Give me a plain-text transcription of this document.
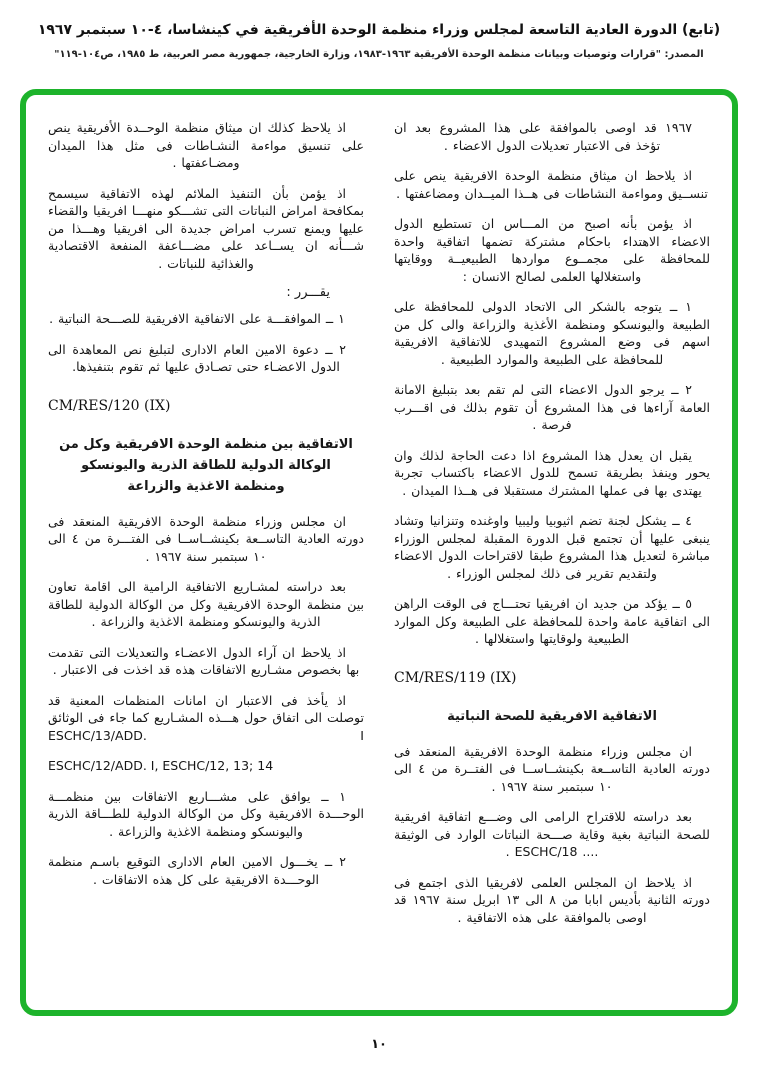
(تابع) الدورة العادية التاسعة لمجلس وزراء منظمة الوحدة الأفريقية في كينشاسا، ٤-١٠ سبتمبر ١٩٦٧
المصدر: "قرارات وتوصيات وبيانات منظمة الوحدة الأفريقية ١٩٦٣-١٩٨٣، وزارة الخارجية، جمهورية مصر العربية، ط ١٩٨٥، ص١٠٤-١١٩"
١٩٦٧ قد اوصى بالموافقة على هذا المشروع بعد ان تؤخذ فى الاعتبار تعديلات الدول الاعضاء .
اذ يلاحظ ان ميثاق منظمة الوحدة الافريقية ينص على تنســيق ومواءمة النشاطات فى هــذا الميــدان ومضاعفتها .
اذ يؤمن بأنه اصبح من المـــاس ان تستطيع الدول الاعضاء الاهتداء باحكام مشتركة تضمها اتفاقية واحدة للمحافظة على مجمــوع مواردها الطبيعيــة ووقايتها واستغلالها العلمى لصالح الانسان :
١ ــ يتوجه بالشكر الى الاتحاد الدولى للمحافظة على الطبيعة واليونسكو ومنظمة الأغذية والزراعة والى كل من اسهم فى وضع المشروع التمهيدى للاتفاقية الافريقية للمحافظة على الطبيعة والموارد الطبيعية .
٢ ــ يرجو الدول الاعضاء التى لم تقم بعد بتبليغ الامانة العامة آراءها فى هذا المشروع أن تقوم بذلك فى اقـــرب فرصة .
يقبل ان يعدل هذا المشروع اذا دعت الحاجة لذلك وان يحور وينفذ بطريقة تسمح للدول الاعضاء باكتساب تجربة يهتدى بها فى عملها المشترك مستقبلا فى هــذا الميدان .
٤ ــ يشكل لجنة تضم اثيوبيا وليبيا واوغنده وتنزانيا وتشاد ينبغى عليها أن تجتمع قبل الدورة المقبلة لمجلس الوزراء مباشرة لتعديل هذا المشروع طبقا لاقتراحات الدول الاعضاء ولتقديم تقرير فى ذلك لمجلس الوزراء .
٥ ــ يؤكد من جديد ان افريقيا تحتـــاج فى الوقت الراهن الى اتفاقية عامة واحدة للمحافظة على الطبيعة وكل الموارد الطبيعية ولوقايتها واستغلالها .
CM/RES/119 (IX)
الاتفاقية الافريقية للصحة النباتية
ان مجلس وزراء منظمة الوحدة الافريقية المنعقد فى دورته العادية التاســعة بكينشــاســا فى الفتــرة من ٤ الى ١٠ سبتمبر سنة ١٩٦٧ .
بعد دراسته للاقتراح الرامى الى وضـــع اتفاقية افريقية للصحة النباتية بغية وقاية صـــحة النباتات الوارد فى الوثيقة .... ESCHC/18 .
اذ يلاحظ ان المجلس العلمى لافريقيا الذى اجتمع فى دورته الثانية بأديس ابابا من ٨ الى ١٣ ابريل سنة ١٩٦٧ قد اوصى بالموافقة على هذه الاتفاقية .
اذ يلاحظ كذلك ان ميثاق منظمة الوحــدة الأفريقية ينص على تنسيق مواءمة النشـاطات فى مثل هذا الميدان ومضـاعفتها .
اذ يؤمن بأن التنفيذ الملائم لهذه الاتفاقية سيسمح بمكافحة امراض النباتات التى تشـــكو منهـــا افريقيا والقضاء عليها ويمنع تسرب امراض جديدة الى افريقيا وهـــذا من شـــأنه ان يســاعد على مضـــاعفة المنفعة الاقتصادية والغذائية للنباتات .
يقـــرر :
١ ــ الموافقـــة على الاتفاقية الافريقية للصـــحة النباتية .
٢ ــ دعوة الامين العام الادارى لتبليغ نص المعاهدة الى الدول الاعضـاء حتى تصـادق عليها ثم تقوم بتنفيذها.
CM/RES/120 (IX)
الاتفاقية بين منظمة الوحدة الافريقية وكل من
الوكالة الدولية للطاقة الذرية واليونسكو
ومنظمة الاغذية والزراعة
ان مجلس وزراء منظمة الوحدة الافريقية المنعقد فى دورته العادية التاســعة بكينشــاســا فى الفتـــرة من ٤ الى ١٠ سبتمبر سنة ١٩٦٧ .
بعد دراسته لمشـاريع الاتفاقية الرامية الى اقامة تعاون بين منظمة الوحدة الافريقية وكل من الوكالة الدولية للطاقة الذرية واليونسكو ومنظمة الاغذية والزراعة .
اذ يلاحظ ان آراء الدول الاعضـاء والتعديلات التى تقدمت بها بخصوص مشـاريع الاتفاقات هذه قد اخذت فى الاعتبار .
اذ يأخذ فى الاعتبار ان امانات المنظمات المعنية قد توصلت الى اتفاق حول هـــذه المشـاريع كما جاء فى الوثائق ESCHC/13/ADD. I
ESCHC/12/ADD. I, ESCHC/12, 13; 14
١ ــ يوافق على مشـــاريع الاتفاقات بين منظمـــة الوحـــدة الافريقية وكل من الوكالة الدولية للطـــاقة الذرية واليونسكو ومنظمة الاغذية والزراعة .
٢ ــ يخـــول الامين العام الادارى التوقيع باسـم منظمة الوحـــدة الافريقية على كل هذه الاتفاقات .
١٠
